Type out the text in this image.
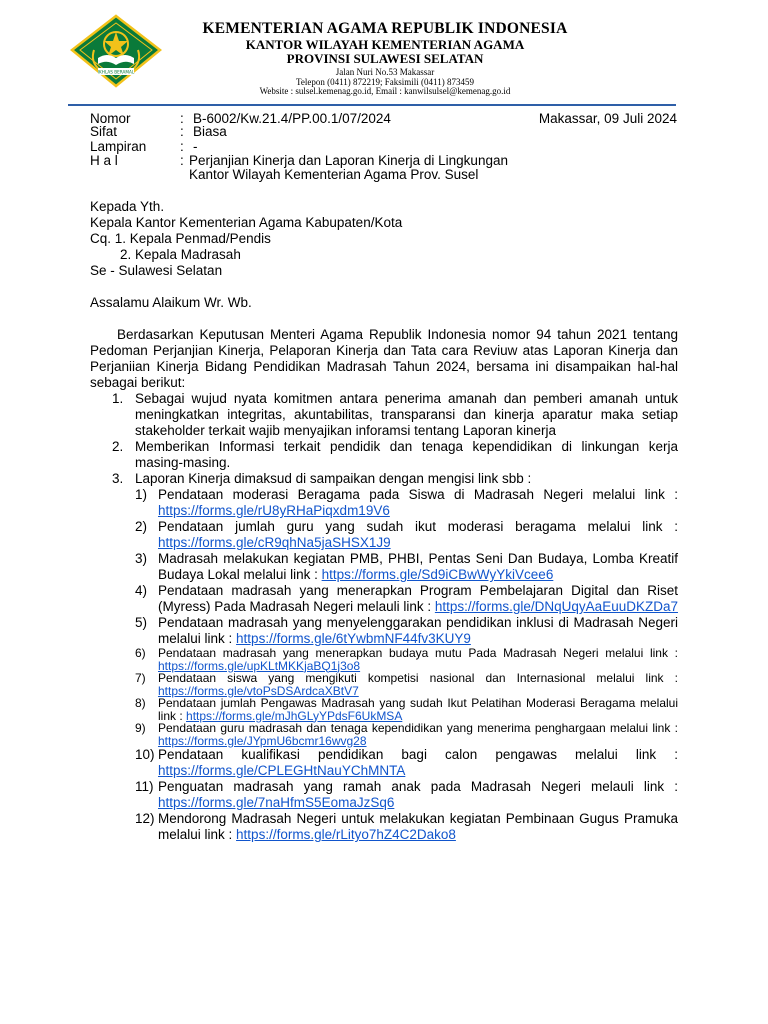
IKHLAS BERAMAL
KEMENTERIAN AGAMA REPUBLIK INDONESIA
KANTOR WILAYAH KEMENTERIAN AGAMA
PROVINSI SULAWESI SELATAN
Jalan Nuri No.53 Makassar
Telepon (0411) 872219; Faksimili (0411) 873459
Website : sulsel.kemenag.go.id, Email : kanwilsulsel@kemenag.go.id
Nomor	: B-6002/Kw.21.4/PP.00.1/07/2024	Makassar, 09 Juli 2024
Sifat	: Biasa
Lampiran : -
H a l	: Perjanjian Kinerja dan Laporan Kinerja di Lingkungan
Kantor Wilayah Kementerian Agama Prov. Susel

Kepada Yth.

Kepala Kantor Kementerian Agama Kabupaten/Kota

Cq. 1. Kepala Penmad/Pendis

2. Kepala Madrasah

Se - Sulawesi Selatan

Assalamu Alaikum Wr. Wb.

Berdasarkan Keputusan Menteri Agama Republik Indonesia nomor 94 tahun 2021 tentang Pedoman Perjanjian Kinerja, Pelaporan Kinerja dan Tata cara Reviuw atas Laporan Kinerja dan Perjaniian Kinerja Bidang Pendidikan Madrasah Tahun 2024, bersama ini disampaikan hal-hal sebagai berikut:

1. Sebagai wujud nyata komitmen antara penerima amanah dan pemberi amanah untuk meningkatkan integritas, akuntabilitas, transparansi dan kinerja aparatur maka setiap stakeholder terkait wajib menyajikan inforamsi tentang Laporan kinerja
2. Memberikan Informasi terkait pendidik dan tenaga kependidikan di linkungan kerja masing-masing.
3. Laporan Kinerja dimaksud di sampaikan dengan mengisi link sbb :
1) Pendataan moderasi Beragama pada Siswa di Madrasah Negeri melalui link : https://forms.gle/rU8yRHaPiqxdm19V6
2) Pendataan jumlah guru yang sudah ikut moderasi beragama melalui link : https://forms.gle/cR9qhNa5jaSHSX1J9
3) Madrasah melakukan kegiatan PMB, PHBI, Pentas Seni Dan Budaya, Lomba Kreatif Budaya Lokal melalui link : https://forms.gle/Sd9iCBwWyYkiVcee6
4) Pendataan madrasah yang menerapkan Program Pembelajaran Digital dan Riset (Myress) Pada Madrasah Negeri melauli link : https://forms.gle/DNqUqyAaEuuDKZDa7
5) Pendataan madrasah yang menyelenggarakan pendidikan inklusi di Madrasah Negeri melalui link : https://forms.gle/6tYwbmNF44fv3KUY9
6) Pendataan madrasah yang menerapkan budaya mutu Pada Madrasah Negeri melalui link : https://forms.gle/upKLtMKKjaBQ1j3o8
7) Pendataan siswa yang mengikuti kompetisi nasional dan Internasional melalui link : https://forms.gle/vtoPsDSArdcaXBtV7
8) Pendataan jumlah Pengawas Madrasah yang sudah Ikut Pelatihan Moderasi Beragama melalui link : https://forms.gle/mJhGLyYPdsF6UkMSA
9) Pendataan guru madrasah dan tenaga kependidikan yang menerima penghargaan melalui link : https://forms.gle/JYpmU6bcmr16wvg28
10) Pendataan kualifikasi pendidikan bagi calon pengawas melalui link : https://forms.gle/CPLEGHtNauYChMNTA
11) Penguatan madrasah yang ramah anak pada Madrasah Negeri melauli link : https://forms.gle/7naHfmS5EomaJzSq6
12) Mendorong Madrasah Negeri untuk melakukan kegiatan Pembinaan Gugus Pramuka melalui link : https://forms.gle/rLityo7hZ4C2Dako8
